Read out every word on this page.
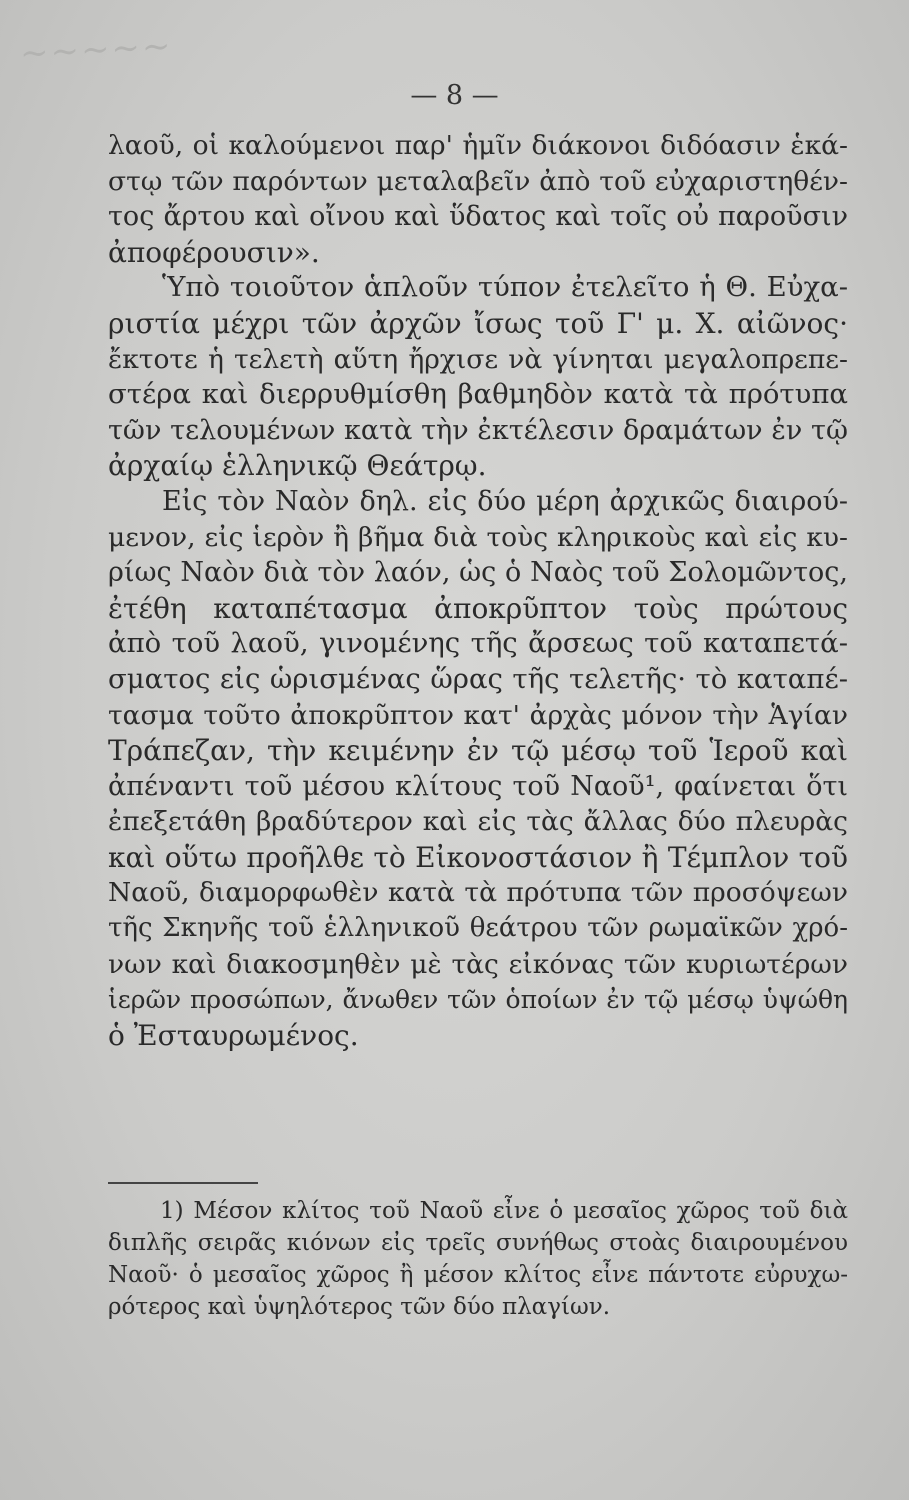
~~~~~
— 8 —
λαοῦ, οἱ καλούμενοι παρ' ἡμῖν διάκονοι διδόασιν ἑκά-
στῳ τῶν παρόντων μεταλαβεῖν ἀπὸ τοῦ εὐχαριστηθέν-
τος ἄρτου καὶ οἴνου καὶ ὕδατος καὶ τοῖς οὐ παροῦσιν
ἀποφέρουσιν».
Ὑπὸ τοιοῦτον ἁπλοῦν τύπον ἐτελεῖτο ἡ Θ. Εὐχα-
ριστία μέχρι τῶν ἀρχῶν ἴσως τοῦ Γ' μ. Χ. αἰῶνος·
ἔκτοτε ἡ τελετὴ αὕτη ἤρχισε νὰ γίνηται μεγαλοπρεπε-
στέρα καὶ διερρυθμίσθη βαθμηδὸν κατὰ τὰ πρότυπα
τῶν τελουμένων κατὰ τὴν ἐκτέλεσιν δραμάτων ἐν τῷ
ἀρχαίῳ ἑλληνικῷ Θεάτρῳ.
Εἰς τὸν Ναὸν δηλ. εἰς δύο μέρη ἀρχικῶς διαιρού-
μενον, εἰς ἱερὸν ἢ βῆμα διὰ τοὺς κληρικοὺς καὶ εἰς κυ-
ρίως Ναὸν διὰ τὸν λαόν, ὡς ὁ Ναὸς τοῦ Σολομῶντος,
ἐτέθη καταπέτασμα ἀποκρῦπτον τοὺς πρώτους
ἀπὸ τοῦ λαοῦ, γινομένης τῆς ἄρσεως τοῦ καταπετά-
σματος εἰς ὡρισμένας ὥρας τῆς τελετῆς· τὸ καταπέ-
τασμα τοῦτο ἀποκρῦπτον κατ' ἀρχὰς μόνον τὴν Ἁγίαν
Τράπεζαν, τὴν κειμένην ἐν τῷ μέσῳ τοῦ Ἱεροῦ καὶ
ἀπέναντι τοῦ μέσου κλίτους τοῦ Ναοῦ¹, φαίνεται ὅτι
ἐπεξετάθη βραδύτερον καὶ εἰς τὰς ἄλλας δύο πλευρὰς
καὶ οὕτω προῆλθε τὸ Εἰκονοστάσιον ἢ Τέμπλον τοῦ
Ναοῦ, διαμορφωθὲν κατὰ τὰ πρότυπα τῶν προσόψεων
τῆς Σκηνῆς τοῦ ἑλληνικοῦ θεάτρου τῶν ρωμαϊκῶν χρό-
νων καὶ διακοσμηθὲν μὲ τὰς εἰκόνας τῶν κυριωτέρων
ἱερῶν προσώπων, ἄνωθεν τῶν ὁποίων ἐν τῷ μέσῳ ὑψώθη
ὁ Ἐσταυρωμένος.
1) Μέσον κλίτος τοῦ Ναοῦ εἶνε ὁ μεσαῖος χῶρος τοῦ διὰ
διπλῆς σειρᾶς κιόνων εἰς τρεῖς συνήθως στοὰς διαιρουμένου
Ναοῦ· ὁ μεσαῖος χῶρος ἢ μέσον κλίτος εἶνε πάντοτε εὐρυχω-
ρότερος καὶ ὑψηλότερος τῶν δύο πλαγίων.
